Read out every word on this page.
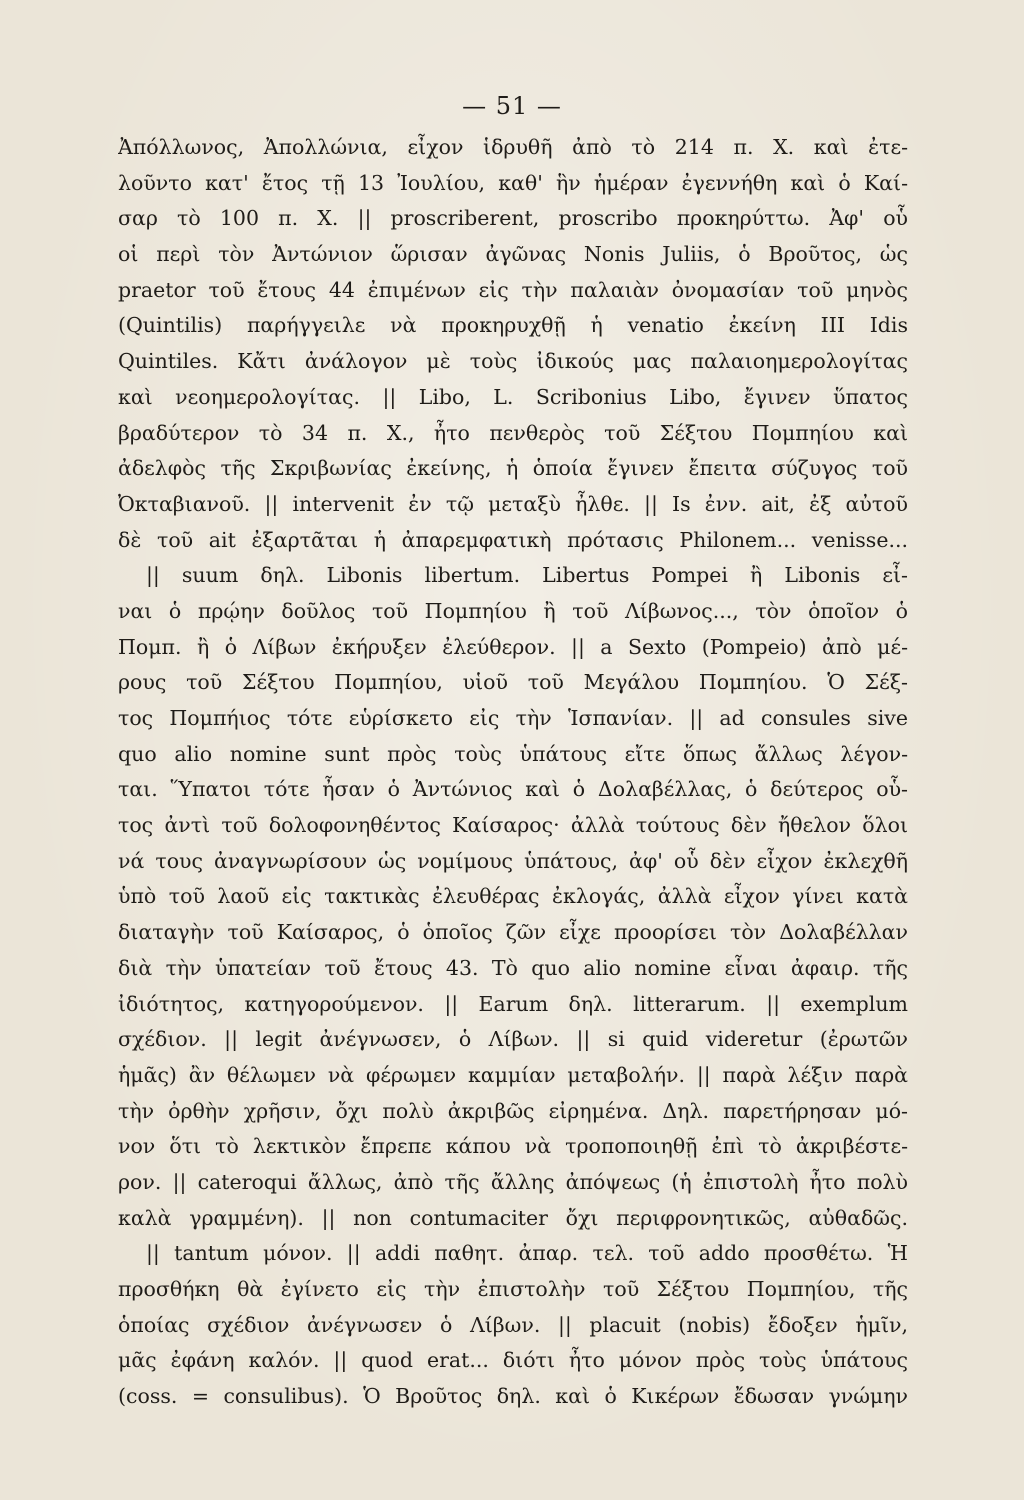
— 51 —
Ἀπόλλωνος, Ἀπολλώνια, εἶχον ἱδρυθῆ ἀπὸ τὸ 214 π. Χ. καὶ ἐτε-
λοῦντο κατ' ἔτος τῇ 13 Ἰουλίου, καθ' ἣν ἡμέραν ἐγεννήθη καὶ ὁ Καί-
σαρ τὸ 100 π. Χ. || proscriberent, proscribo προκηρύττω. Ἀφ' οὗ
οἱ περὶ τὸν Ἀντώνιον ὥρισαν ἀγῶνας Nonis Juliis, ὁ Βροῦτος, ὡς
praetor τοῦ ἔτους 44 ἐπιμένων εἰς τὴν παλαιὰν ὀνομασίαν τοῦ μηνὸς
(Quintilis) παρήγγειλε νὰ προκηρυχθῇ ἡ venatio ἐκείνη III Idis
Quintiles. Κἄτι ἀνάλογον μὲ τοὺς ἰδικούς μας παλαιοημερολογίτας
καὶ νεοημερολογίτας. || Libo, L. Scribonius Libo, ἔγινεν ὕπατος
βραδύτερον τὸ 34 π. Χ., ἦτο πενθερὸς τοῦ Σέξτου Πομπηίου καὶ
ἀδελφὸς τῆς Σκριβωνίας ἐκείνης, ἡ ὁποία ἔγινεν ἔπειτα σύζυγος τοῦ
Ὀκταβιανοῦ. || intervenit ἐν τῷ μεταξὺ ἦλθε. || Is ἐνν. ait, ἐξ αὐτοῦ
δὲ τοῦ ait ἐξαρτᾶται ἡ ἀπαρεμφατικὴ πρότασις Philonem... venisse...
|| suum δηλ. Libonis libertum. Libertus Pompei ἢ Libonis εἶ-
ναι ὁ πρῴην δοῦλος τοῦ Πομπηίου ἢ τοῦ Λίβωνος..., τὸν ὁποῖον ὁ
Πομπ. ἢ ὁ Λίβων ἐκήρυξεν ἐλεύθερον. || a Sexto (Pompeio) ἀπὸ μέ-
ρους τοῦ Σέξτου Πομπηίου, υἱοῦ τοῦ Μεγάλου Πομπηίου. Ὁ Σέξ-
τος Πομπήιος τότε εὑρίσκετο εἰς τὴν Ἱσπανίαν. || ad consules sive
quo alio nomine sunt πρὸς τοὺς ὑπάτους εἴτε ὅπως ἄλλως λέγον-
ται. Ὕπατοι τότε ἦσαν ὁ Ἀντώνιος καὶ ὁ Δολαβέλλας, ὁ δεύτερος οὗ-
τος ἀντὶ τοῦ δολοφονηθέντος Καίσαρος· ἀλλὰ τούτους δὲν ἤθελον ὅλοι
νά τους ἀναγνωρίσουν ὡς νομίμους ὑπάτους, ἀφ' οὗ δὲν εἶχον ἐκλεχθῆ
ὑπὸ τοῦ λαοῦ εἰς τακτικὰς ἐλευθέρας ἐκλογάς, ἀλλὰ εἶχον γίνει κατὰ
διαταγὴν τοῦ Καίσαρος, ὁ ὁποῖος ζῶν εἶχε προορίσει τὸν Δολαβέλλαν
διὰ τὴν ὑπατείαν τοῦ ἔτους 43. Τὸ quo alio nomine εἶναι ἀφαιρ. τῆς
ἰδιότητος, κατηγορούμενον. || Earum δηλ. litterarum. || exemplum
σχέδιον. || legit ἀνέγνωσεν, ὁ Λίβων. || si quid videretur (ἐρωτῶν
ἡμᾶς) ἂν θέλωμεν νὰ φέρωμεν καμμίαν μεταβολήν. || παρὰ λέξιν παρὰ
τὴν ὀρθὴν χρῆσιν, ὄχι πολὺ ἀκριβῶς εἰρημένα. Δηλ. παρετήρησαν μό-
νον ὅτι τὸ λεκτικὸν ἔπρεπε κάπου νὰ τροποποιηθῇ ἐπὶ τὸ ἀκριβέστε-
ρον. || cateroqui ἄλλως, ἀπὸ τῆς ἄλλης ἀπόψεως (ἡ ἐπιστολὴ ἦτο πολὺ
καλὰ γραμμένη). || non contumaciter ὄχι περιφρονητικῶς, αὐθαδῶς.
|| tantum μόνον. || addi παθητ. ἀπαρ. τελ. τοῦ addo προσθέτω. Ἡ
προσθήκη θὰ ἐγίνετο εἰς τὴν ἐπιστολὴν τοῦ Σέξτου Πομπηίου, τῆς
ὁποίας σχέδιον ἀνέγνωσεν ὁ Λίβων. || placuit (nobis) ἔδοξεν ἡμῖν,
μᾶς ἐφάνη καλόν. || quod erat... διότι ἦτο μόνον πρὸς τοὺς ὑπάτους
(coss. = consulibus). Ὁ Βροῦτος δηλ. καὶ ὁ Κικέρων ἔδωσαν γνώμην
